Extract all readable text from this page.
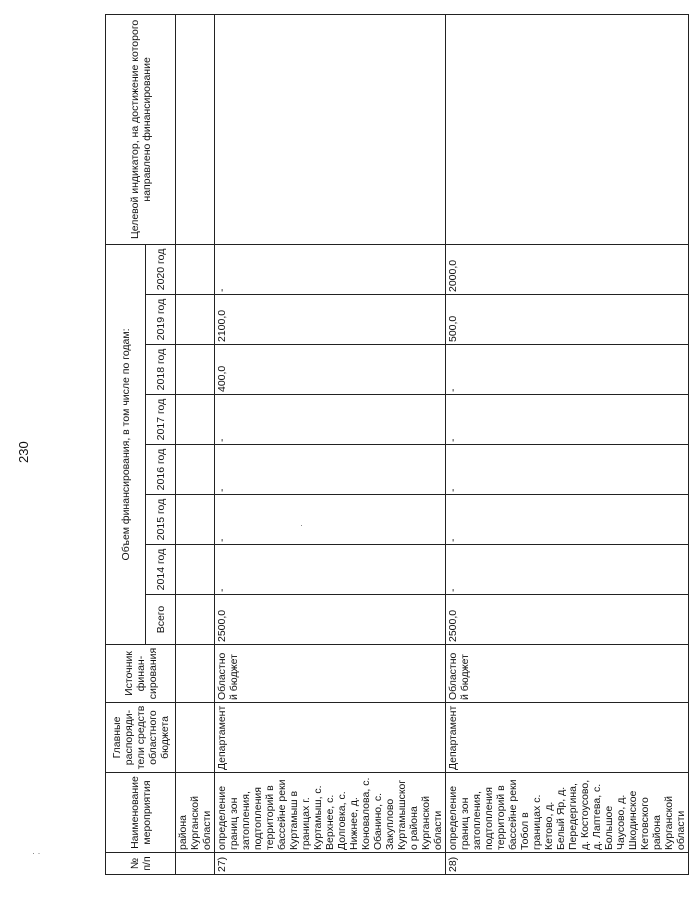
· ·
·
230
№ п/п	Наименование мероприятия	Главные распоряди-тели средств областного бюджета	Источник финан-сирования	Объем финансирования, в том числе по годам:								Целевой индикатор, на достижение которого направлено финансирование
				Всего	2014 год	2015 год	2016 год	2017 год	2018 год	2019 год	2020 год	
	района Курганской области											
27)	определение границ зон затопления, подтопления территорий в бассейне реки Куртамыш в границах г. Куртамыш, с. Верхнее, с. Долговка, с. Нижнее, д. Коноваловa, с. Обанино, с. Закуплово Куртамышского района Курганской области	Департамент	Областной бюджет	2500,0	-	-	-	-	400,0	2100,0	-	
28)	определение границ зон затопления, подтопления территорий в бассейне реки Тобол в границах с. Кетово, д. Белый Яр, д. Передергина, д. Костоусово, д. Лаптева, с. Большое Чаусово, д. Шкодинское Кетовского района Курганской области	Департамент	Областной бюджет	2500,0	-	-	-	-	-	500,0	2000,0	
